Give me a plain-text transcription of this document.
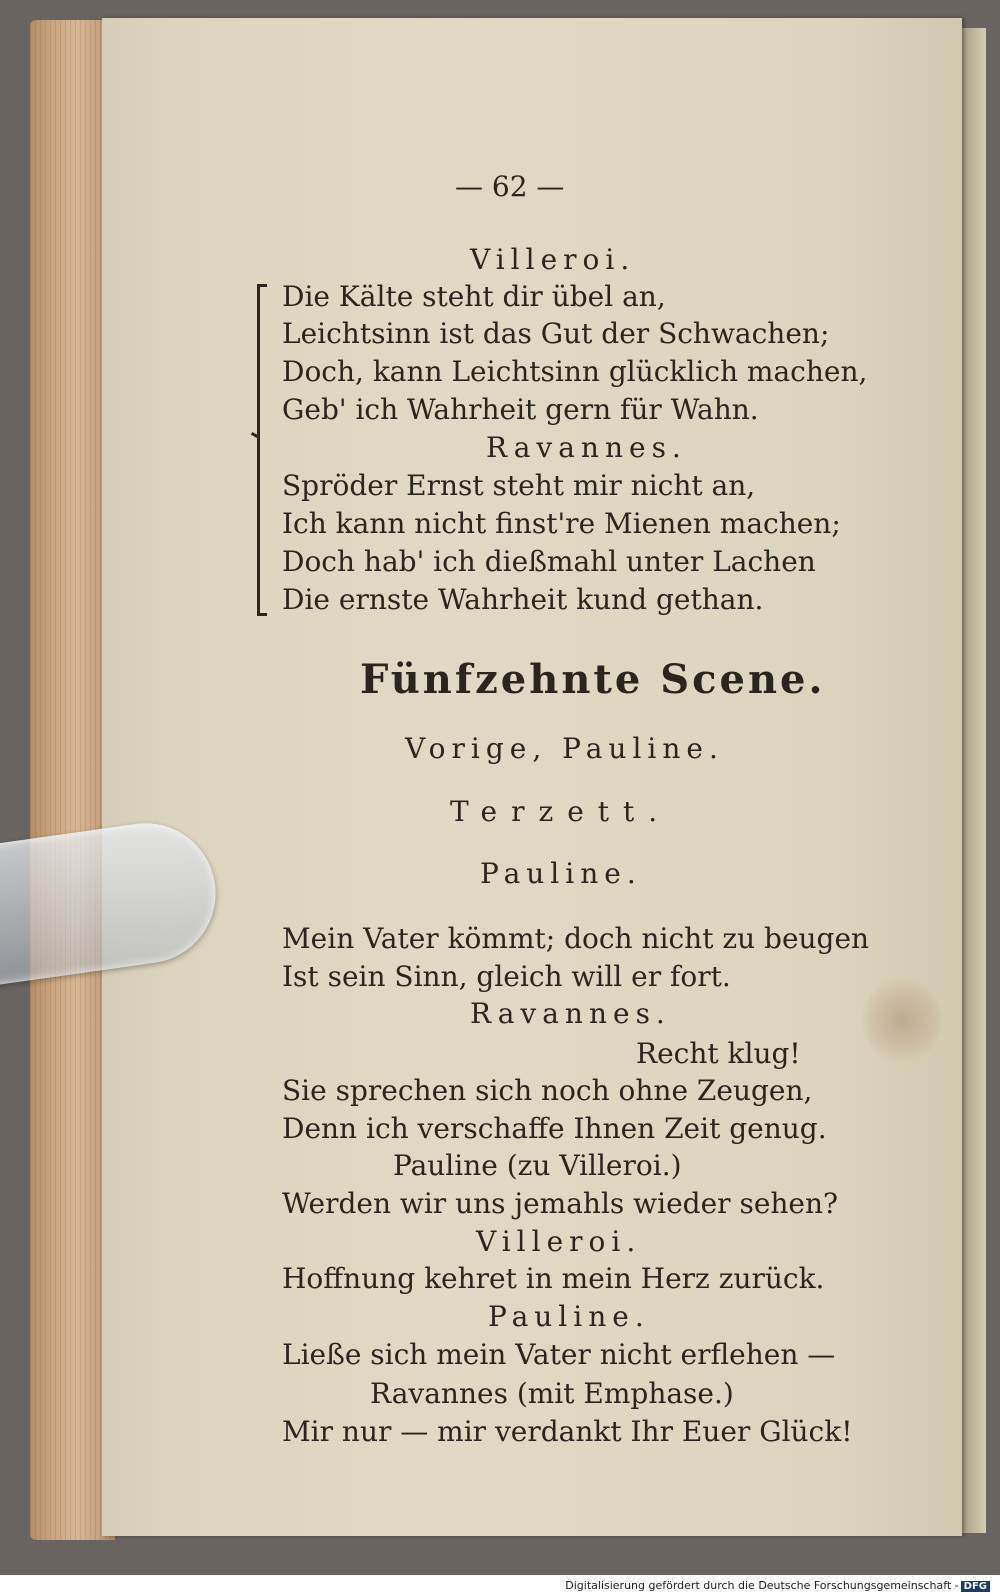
— 62 —
Villeroi.
Die Kälte steht dir übel an,
Leichtsinn ist das Gut der Schwachen;
Doch, kann Leichtsinn glücklich machen,
Geb' ich Wahrheit gern für Wahn.
Ravannes.
Spröder Ernst steht mir nicht an,
Ich kann nicht finst're Mienen machen;
Doch hab' ich dießmahl unter Lachen
Die ernste Wahrheit kund gethan.
Fünfzehnte Scene.
Vorige, Pauline.
Terzett.
Pauline.
Mein Vater kömmt; doch nicht zu beugen
Ist sein Sinn, gleich will er fort.
Ravannes.
Recht klug!
Sie sprechen sich noch ohne Zeugen,
Denn ich verschaffe Ihnen Zeit genug.
Pauline (zu Villeroi.)
Werden wir uns jemahls wieder sehen?
Villeroi.
Hoffnung kehret in mein Herz zurück.
Pauline.
Ließe sich mein Vater nicht erflehen —
Ravannes (mit Emphase.)
Mir nur — mir verdankt Ihr Euer Glück!
Digitalisierung gefördert durch die Deutsche Forschungsgemeinschaft - DFG
